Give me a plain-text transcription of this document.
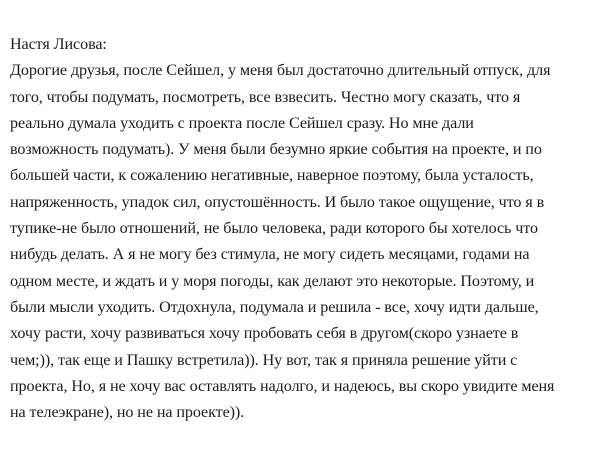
Настя Лисова:
Дорогие друзья, после Сейшел, у меня был достаточно длительный отпуск, для
того, чтобы подумать, посмотреть, все взвесить. Честно могу сказать, что я
реально думала уходить с проекта после Сейшел сразу. Но мне дали
возможность подумать). У меня были безумно яркие события на проекте, и по
большей части, к сожалению негативные, наверное поэтому, была усталость,
напряженность, упадок сил, опустошённость. И было такое ощущение, что я в
тупике-не было отношений, не было человека, ради которого бы хотелось что
нибудь делать. А я не могу без стимула, не могу сидеть месяцами, годами на
одном месте, и ждать и у моря погоды, как делают это некоторые. Поэтому, и
были мысли уходить. Отдохнула, подумала и решила - все, хочу идти дальше,
хочу расти, хочу развиваться хочу пробовать себя в другом(скоро узнаете в
чем;)), так еще и Пашку встретила)). Ну вот, так я приняла решение уйти с
проекта, Но, я не хочу вас оставлять надолго, и надеюсь, вы скоро увидите меня
на телеэкране), но не на проекте)).
